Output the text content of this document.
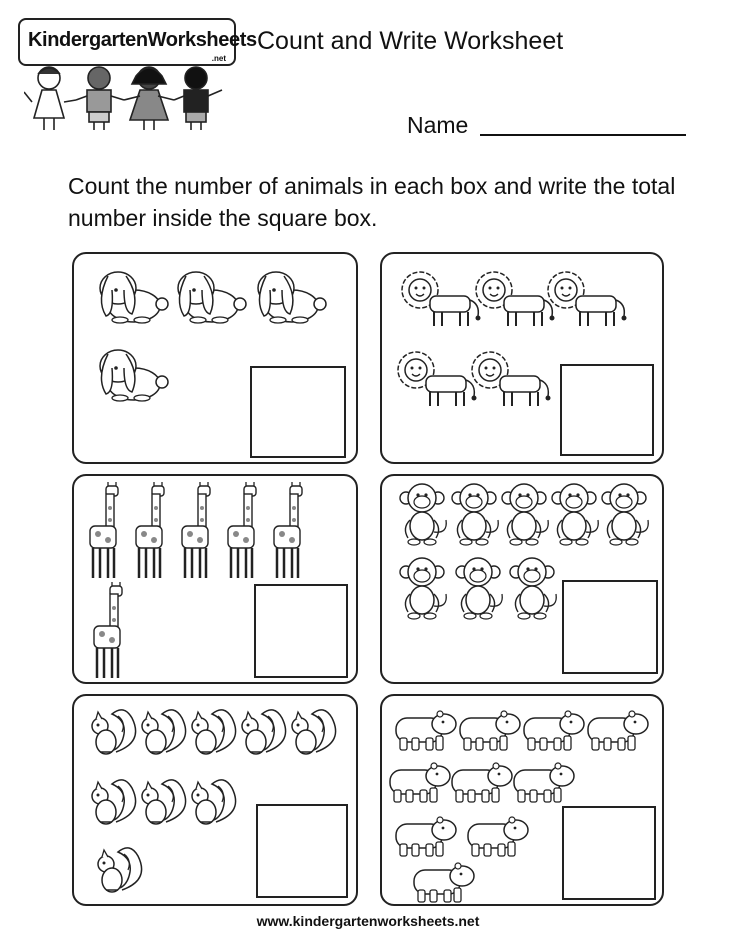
KindergartenWorksheets
.net
Count and Write Worksheet
Name
Count the number of animals in each box and write the total number inside the square box.
www.kindergartenworksheets.net
